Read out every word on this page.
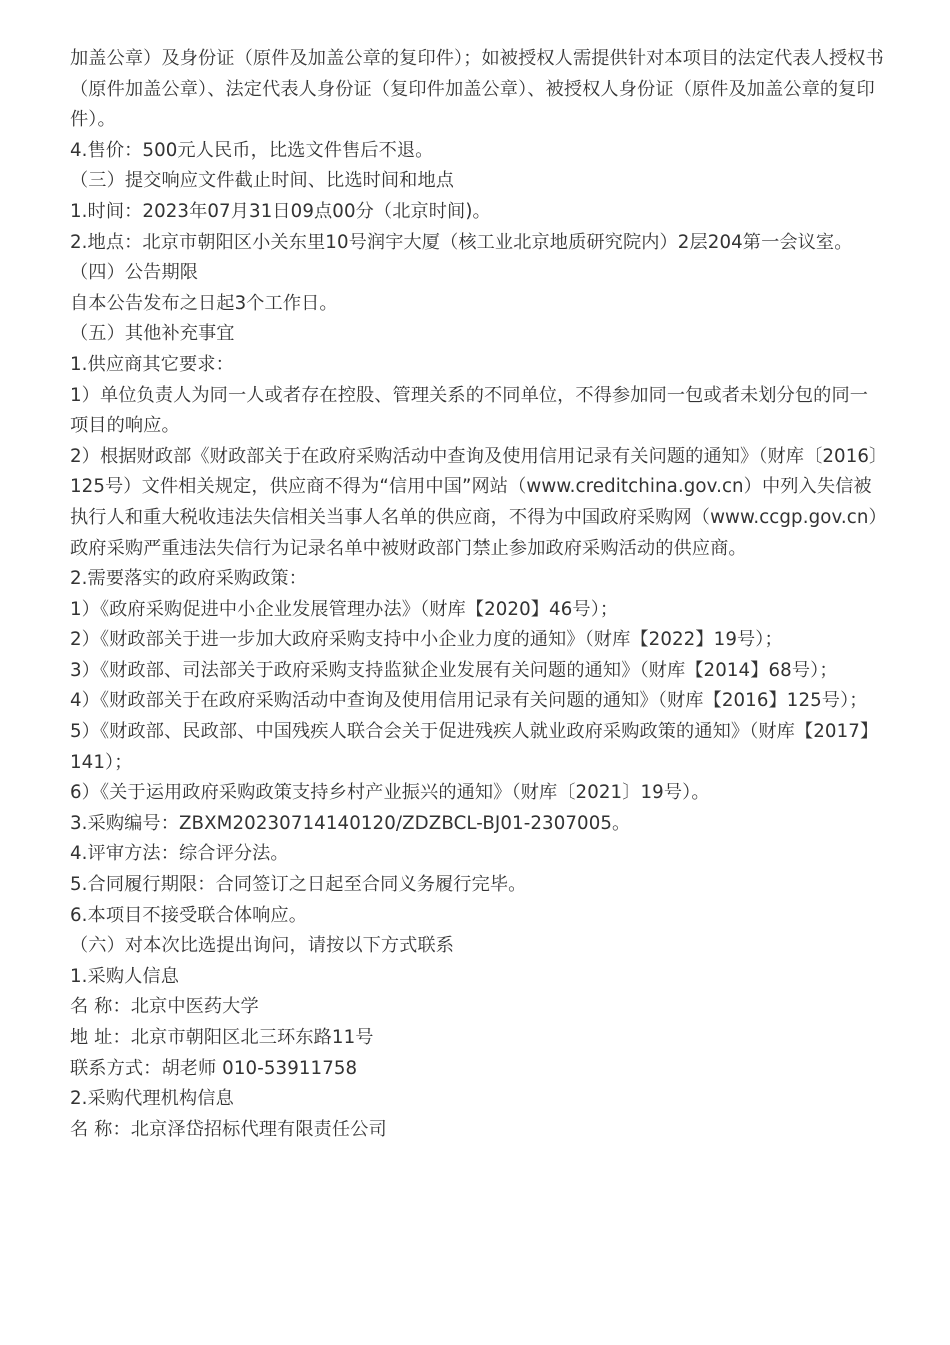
加盖公章）及身份证（原件及加盖公章的复印件）；如被授权人需提供针对本项目的法定代表人授权书（原件加盖公章）、法定代表人身份证（复印件加盖公章）、被授权人身份证（原件及加盖公章的复印件）。

4.售价：500元人民币，比选文件售后不退。

（三）提交响应文件截止时间、比选时间和地点

1.时间：2023年07月31日09点00分（北京时间)。

2.地点：北京市朝阳区小关东里10号润宇大厦（核工业北京地质研究院内）2层204第一会议室。

（四）公告期限

自本公告发布之日起3个工作日。

（五）其他补充事宜

1.供应商其它要求：

1）单位负责人为同一人或者存在控股、管理关系的不同单位，不得参加同一包或者未划分包的同一项目的响应。

2）根据财政部《财政部关于在政府采购活动中查询及使用信用记录有关问题的通知》（财库〔2016〕125号）文件相关规定，供应商不得为“信用中国”网站（www.creditchina.gov.cn）中列入失信被执行人和重大税收违法失信相关当事人名单的供应商，不得为中国政府采购网（www.ccgp.gov.cn）政府采购严重违法失信行为记录名单中被财政部门禁止参加政府采购活动的供应商。

2.需要落实的政府采购政策：

1）《政府采购促进中小企业发展管理办法》（财库【2020】46号）；

2）《财政部关于进一步加大政府采购支持中小企业力度的通知》（财库【2022】19号）；

3）《财政部、司法部关于政府采购支持监狱企业发展有关问题的通知》（财库【2014】68号）；

4）《财政部关于在政府采购活动中查询及使用信用记录有关问题的通知》（财库【2016】125号）；

5）《财政部、民政部、中国残疾人联合会关于促进残疾人就业政府采购政策的通知》（财库【2017】141）；

6）《关于运用政府采购政策支持乡村产业振兴的通知》（财库〔2021〕19号）。

3.采购编号：ZBXM20230714140120/ZDZBCL-BJ01-2307005。

4.评审方法：综合评分法。

5.合同履行期限：合同签订之日起至合同义务履行完毕。

6.本项目不接受联合体响应。

（六）对本次比选提出询问，请按以下方式联系

1.采购人信息

名 称：北京中医药大学

地 址：北京市朝阳区北三环东路11号

联系方式：胡老师 010-53911758

2.采购代理机构信息

名 称：北京泽岱招标代理有限责任公司
